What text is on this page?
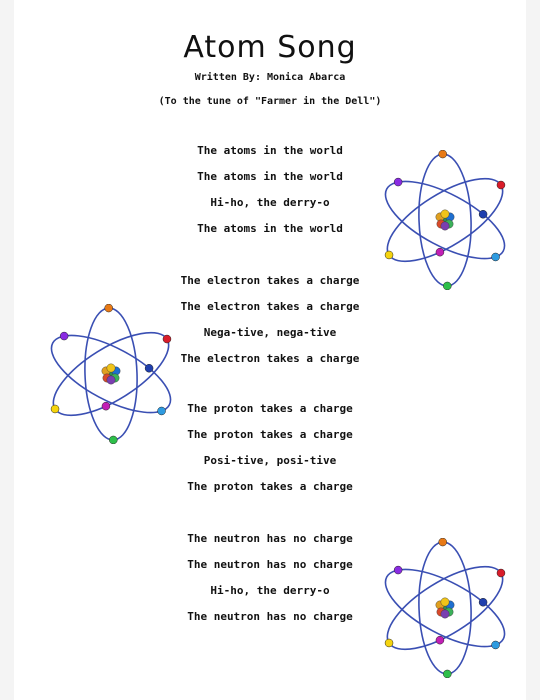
Atom Song
Written By: Monica Abarca
(To the tune of "Farmer in the Dell")
The atoms in the world
The atoms in the world
Hi-ho, the derry-o
The atoms in the world
The electron takes a charge
The electron takes a charge
Nega-tive, nega-tive
The electron takes a charge
The proton takes a charge
The proton takes a charge
Posi-tive, posi-tive
The proton takes a charge
The neutron has no charge
The neutron has no charge
Hi-ho, the derry-o
The neutron has no charge
